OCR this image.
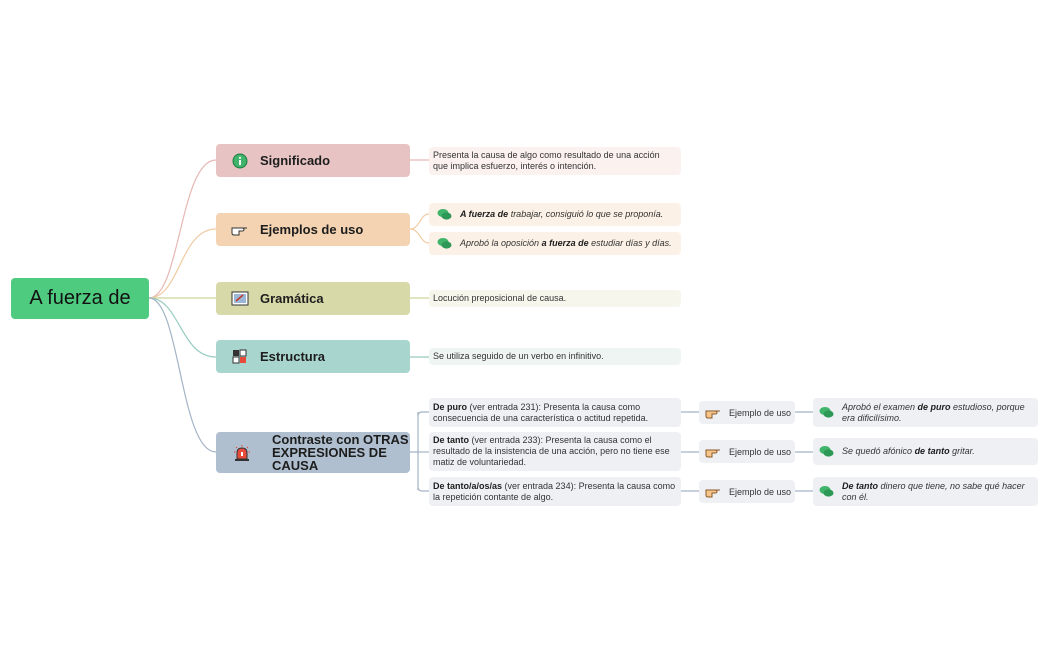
A fuerza de
Significado	Presenta la causa de algo como resultado de una acción que implica esfuerzo, interés o intención.
Ejemplos de uso
A fuerza de trabajar, consiguió lo que se proponía.
Aprobó la oposición a fuerza de estudiar días y días.
Gramática	Locución preposicional de causa.
Estructura	Se utiliza seguido de un verbo en infinitivo.
Contraste con OTRAS EXPRESIONES DE CAUSA
De puro (ver entrada 231): Presenta la causa como consecuencia de una característica o actitud repetida.
De tanto (ver entrada 233): Presenta la causa como el resultado de la insistencia de una acción, pero no tiene ese matiz de voluntariedad.
De tanto/a/os/as (ver entrada 234): Presenta la causa como la repetición contante de algo.
Ejemplo de uso
Ejemplo de uso
Ejemplo de uso
Aprobó el examen de puro estudioso, porque era dificilísimo.
Se quedó afónico de tanto gritar.
De tanto dinero que tiene, no sabe qué hacer con él.
